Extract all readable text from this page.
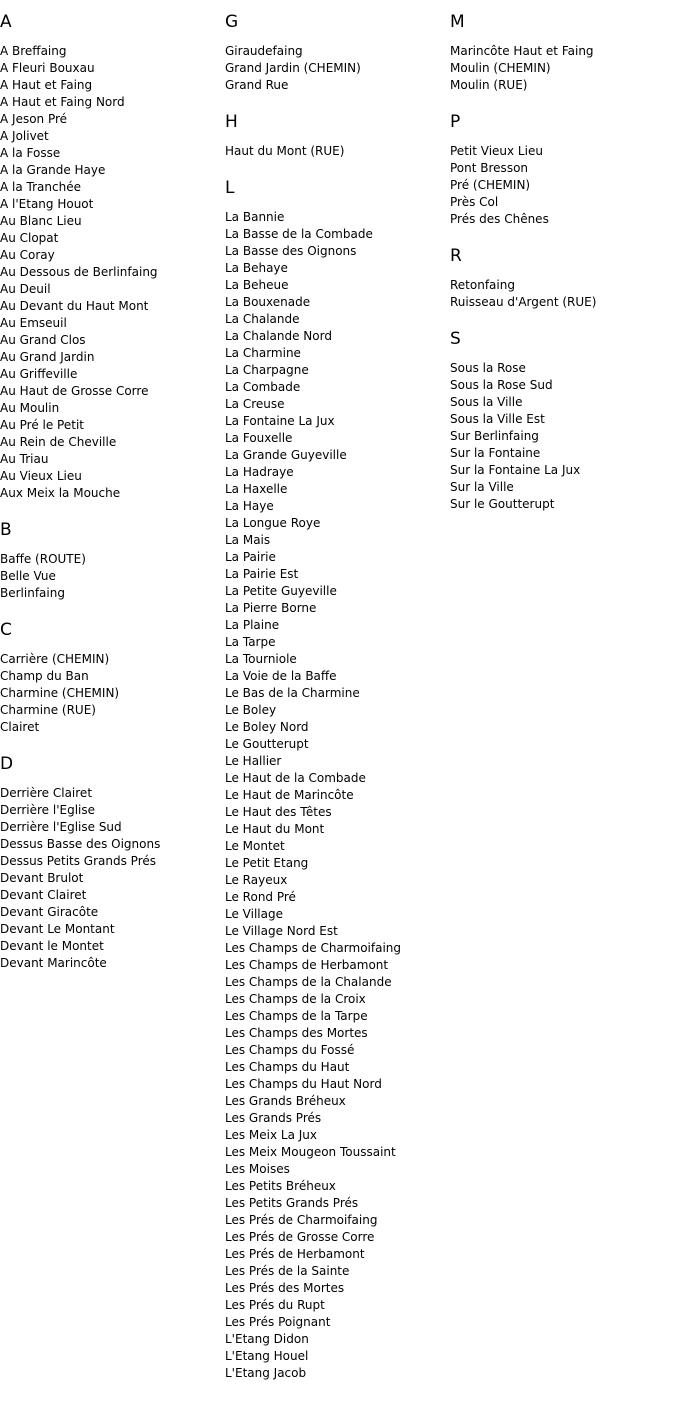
A
A Breffaing
A Fleuri Bouxau
A Haut et Faing
A Haut et Faing Nord
A Jeson Pré
A Jolivet
A la Fosse
A la Grande Haye
A la Tranchée
A l'Etang Houot
Au Blanc Lieu
Au Clopat
Au Coray
Au Dessous de Berlinfaing
Au Deuil
Au Devant du Haut Mont
Au Emseuil
Au Grand Clos
Au Grand Jardin
Au Griffeville
Au Haut de Grosse Corre
Au Moulin
Au Pré le Petit
Au Rein de Cheville
Au Triau
Au Vieux Lieu
Aux Meix la Mouche
B
Baffe (ROUTE)
Belle Vue
Berlinfaing
C
Carrière (CHEMIN)
Champ du Ban
Charmine (CHEMIN)
Charmine (RUE)
Clairet
D
Derrière Clairet
Derrière l'Eglise
Derrière l'Eglise Sud
Dessus Basse des Oignons
Dessus Petits Grands Prés
Devant Brulot
Devant Clairet
Devant Giracôte
Devant Le Montant
Devant le Montet
Devant Marincôte
G
Giraudefaing
Grand Jardin (CHEMIN)
Grand Rue
H
Haut du Mont (RUE)
L
La Bannie
La Basse de la Combade
La Basse des Oignons
La Behaye
La Beheue
La Bouxenade
La Chalande
La Chalande Nord
La Charmine
La Charpagne
La Combade
La Creuse
La Fontaine La Jux
La Fouxelle
La Grande Guyeville
La Hadraye
La Haxelle
La Haye
La Longue Roye
La Mais
La Pairie
La Pairie Est
La Petite Guyeville
La Pierre Borne
La Plaine
La Tarpe
La Tourniole
La Voie de la Baffe
Le Bas de la Charmine
Le Boley
Le Boley Nord
Le Goutterupt
Le Hallier
Le Haut de la Combade
Le Haut de Marincôte
Le Haut des Têtes
Le Haut du Mont
Le Montet
Le Petit Etang
Le Rayeux
Le Rond Pré
Le Village
Le Village Nord Est
Les Champs de Charmoifaing
Les Champs de Herbamont
Les Champs de la Chalande
Les Champs de la Croix
Les Champs de la Tarpe
Les Champs des Mortes
Les Champs du Fossé
Les Champs du Haut
Les Champs du Haut Nord
Les Grands Bréheux
Les Grands Prés
Les Meix La Jux
Les Meix Mougeon Toussaint
Les Moises
Les Petits Bréheux
Les Petits Grands Prés
Les Prés de Charmoifaing
Les Prés de Grosse Corre
Les Prés de Herbamont
Les Prés de la Sainte
Les Prés des Mortes
Les Prés du Rupt
Les Prés Poignant
L'Etang Didon
L'Etang Houel
L'Etang Jacob
M
Marincôte Haut et Faing
Moulin (CHEMIN)
Moulin (RUE)
P
Petit Vieux Lieu
Pont Bresson
Pré (CHEMIN)
Près Col
Prés des Chênes
R
Retonfaing
Ruisseau d'Argent (RUE)
S
Sous la Rose
Sous la Rose Sud
Sous la Ville
Sous la Ville Est
Sur Berlinfaing
Sur la Fontaine
Sur la Fontaine La Jux
Sur la Ville
Sur le Goutterupt
